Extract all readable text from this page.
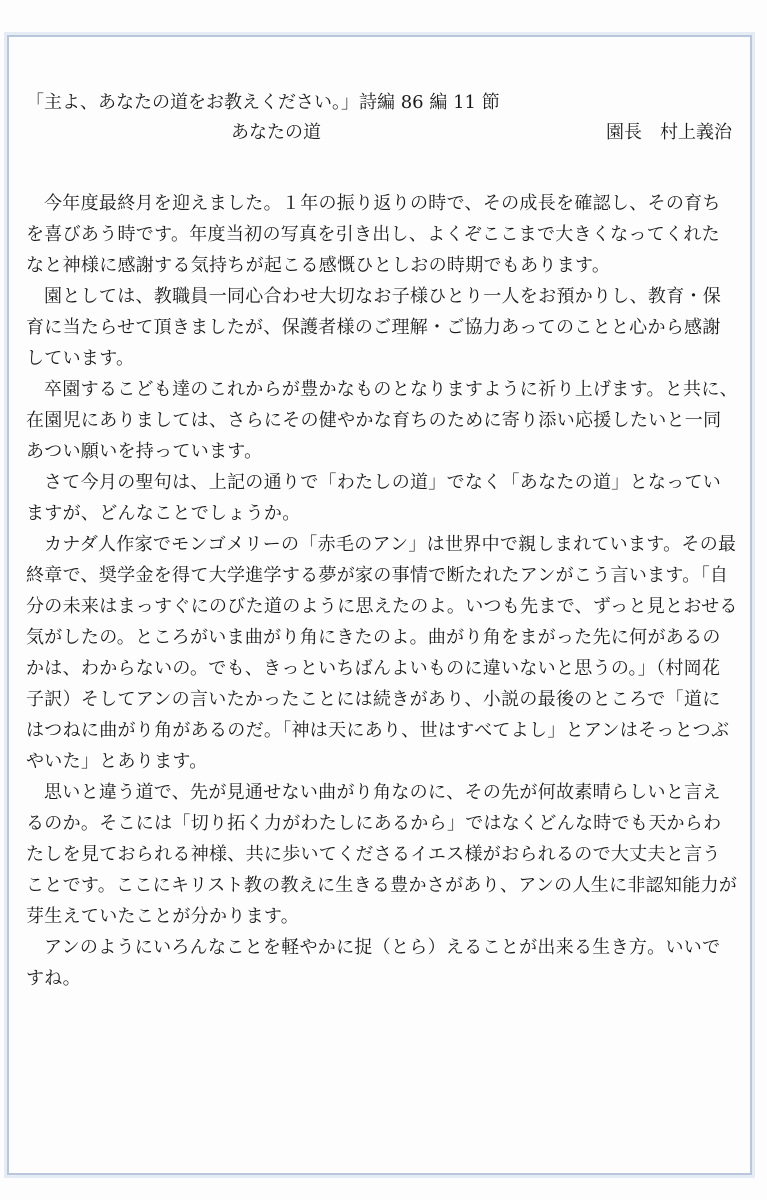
「主よ、あなたの道をお教えください。」詩編 86 編 11 節
あなたの道	園長　村上義治

今年度最終月を迎えました。１年の振り返りの時で、その成長を確認し、その育ちを喜びあう時です。年度当初の写真を引き出し、よくぞここまで大きくなってくれたなと神様に感謝する気持ちが起こる感慨ひとしおの時期でもあります。

園としては、教職員一同心合わせ大切なお子様ひとり一人をお預かりし、教育・保育に当たらせて頂きましたが、保護者様のご理解・ご協力あってのことと心から感謝しています。

卒園するこども達のこれからが豊かなものとなりますように祈り上げます。と共に、在園児にありましては、さらにその健やかな育ちのために寄り添い応援したいと一同あつい願いを持っています。

さて今月の聖句は、上記の通りで「わたしの道」でなく「あなたの道」となっていますが、どんなことでしょうか。

カナダ人作家でモンゴメリーの「赤毛のアン」は世界中で親しまれています。その最終章で、奨学金を得て大学進学する夢が家の事情で断たれたアンがこう言います。「自分の未来はまっすぐにのびた道のように思えたのよ。いつも先まで、ずっと見とおせる気がしたの。ところがいま曲がり角にきたのよ。曲がり角をまがった先に何があるのかは、わからないの。でも、きっといちばんよいものに違いないと思うの。」（村岡花子訳）そしてアンの言いたかったことには続きがあり、小説の最後のところで「道にはつねに曲がり角があるのだ。「神は天にあり、世はすべてよし」とアンはそっとつぶやいた」とあります。

思いと違う道で、先が見通せない曲がり角なのに、その先が何故素晴らしいと言えるのか。そこには「切り拓く力がわたしにあるから」ではなくどんな時でも天からわたしを見ておられる神様、共に歩いてくださるイエス様がおられるので大丈夫と言うことです。ここにキリスト教の教えに生きる豊かさがあり、アンの人生に非認知能力が芽生えていたことが分かります。

アンのようにいろんなことを軽やかに捉（とら）えることが出来る生き方。いいですね。
